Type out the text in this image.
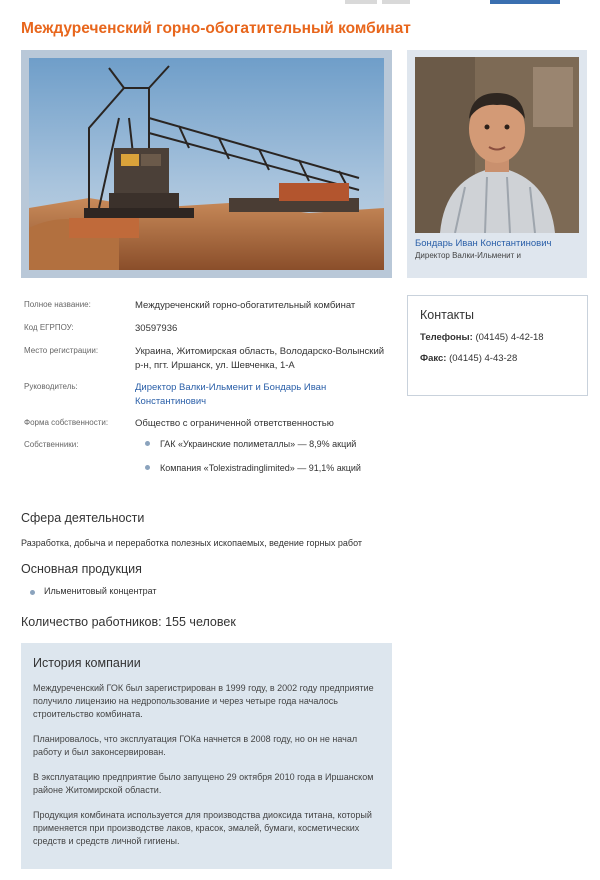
Междуреченский горно-обогатительный комбинат
Бондарь Иван Константинович
Директор Валки-Ильменит и
Полное название:	Междуреченский горно-обогатительный комбинат
Код ЕГРПОУ:	30597936
Место регистрации:	Украина, Житомирская область, Володарско-Волынский р-н, пгт. Иршанск, ул. Шевченка, 1-А
Руководитель:	Директор Валки-Ильменит и Бондарь Иван Константинович
Форма собственности:	Общество с ограниченной ответственностью
Собственники:	ГАК «Украинские полиметаллы» — 8,9% акций
Компания «Tolexistradinglimited» — 91,1% акций
Контакты
Телефоны: (04145) 4-42-18
Факс: (04145) 4-43-28
Сфера деятельности
Разработка, добыча и переработка полезных ископаемых, ведение горных работ
Основная продукция
Ильменитовый концентрат
Количество работников: 155 человек
История компании

Междуреченский ГОК был зарегистрирован в 1999 году, в 2002 году предприятие получило лицензию на недропользование и через четыре года началось строительство комбината.

Планировалось, что эксплуатация ГОКа начнется в 2008 году, но он не начал работу и был законсервирован.

В эксплуатацию предприятие было запущено 29 октября 2010 года в Иршанском районе Житомирской области.

Продукция комбината используется для производства диоксида титана, который применяется при производстве лаков, красок, эмалей, бумаги, косметических средств и средств личной гигиены.
